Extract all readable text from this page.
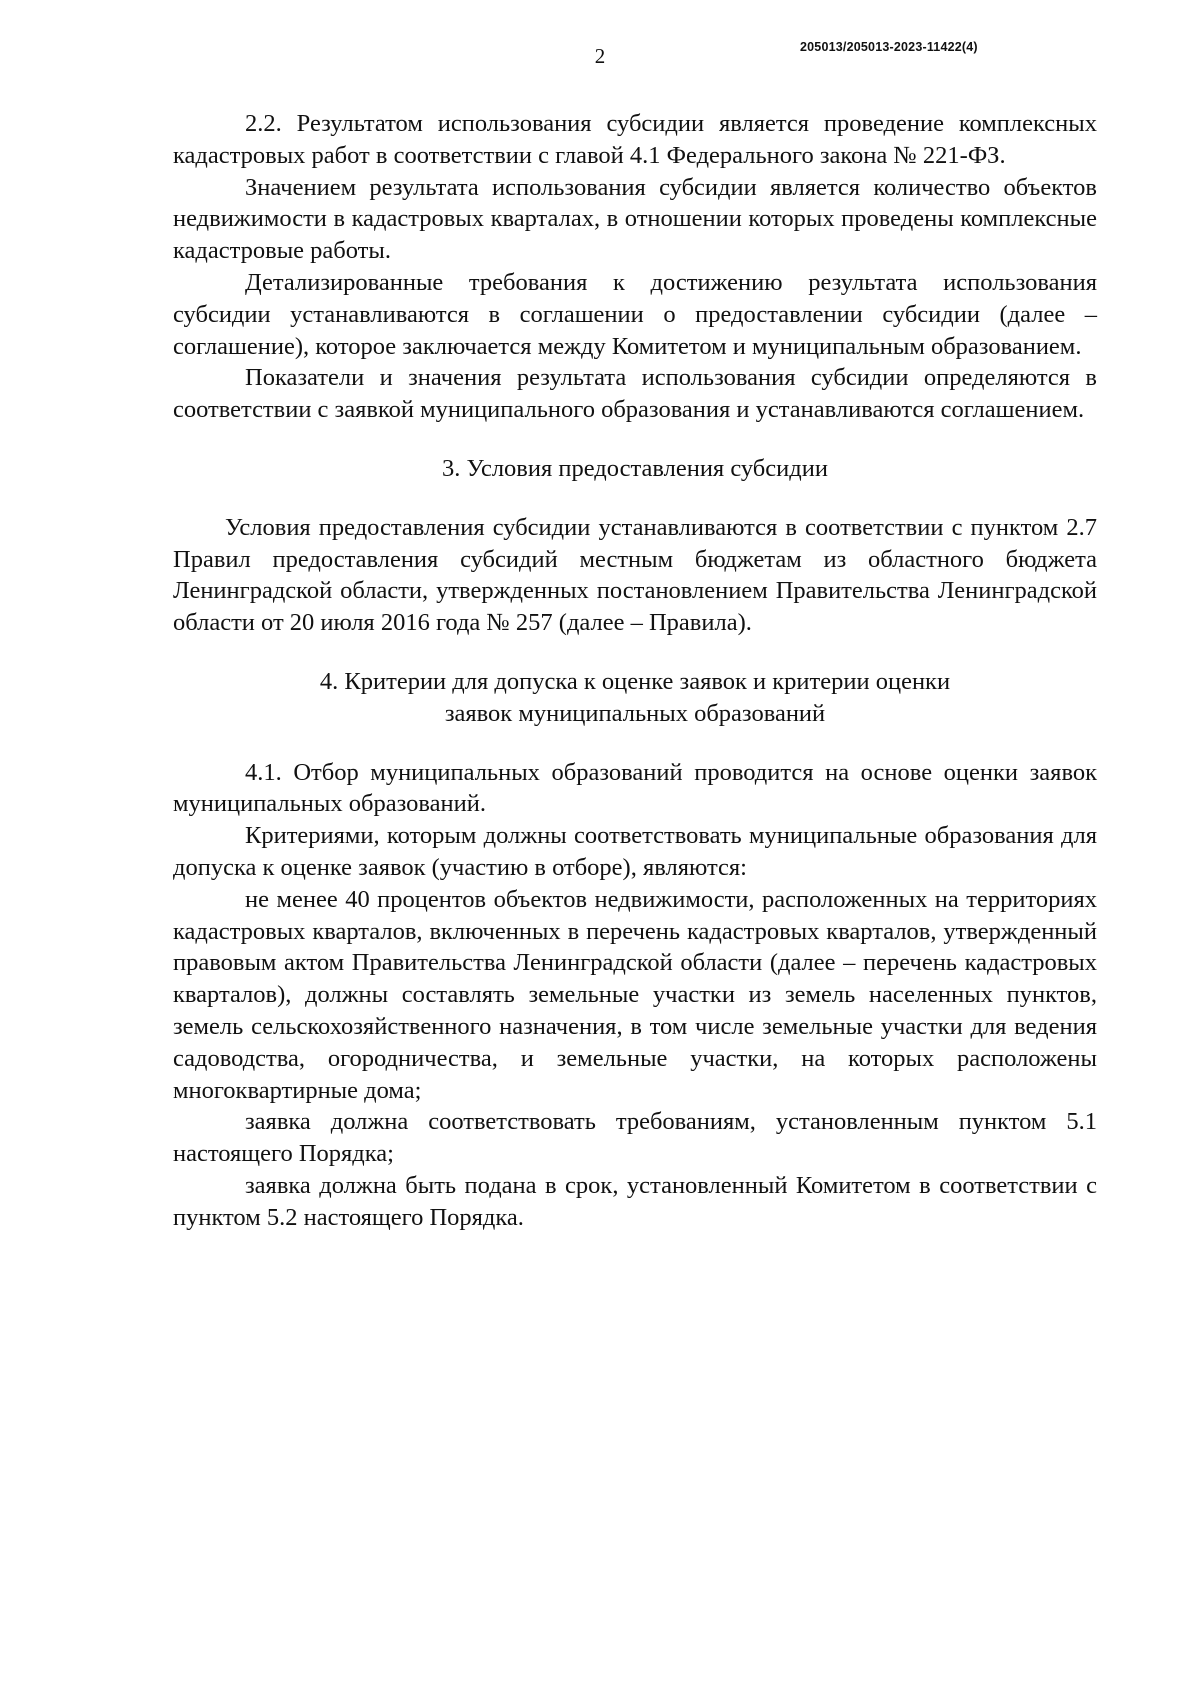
2	205013/205013-2023-11422(4)

2.2. Результатом использования субсидии является проведение комплексных кадастровых работ в соответствии с главой 4.1 Федерального закона № 221-ФЗ.

Значением результата использования субсидии является количество объектов недвижимости в кадастровых кварталах, в отношении которых проведены комплексные кадастровые работы.

Детализированные требования к достижению результата использования субсидии устанавливаются в соглашении о предоставлении субсидии (далее – соглашение), которое заключается между Комитетом и муниципальным образованием.

Показатели и значения результата использования субсидии определяются в соответствии с заявкой муниципального образования и устанавливаются соглашением.

3. Условия предоставления субсидии

Условия предоставления субсидии устанавливаются в соответствии с пунктом 2.7 Правил предоставления субсидий местным бюджетам из областного бюджета Ленинградской области, утвержденных постановлением Правительства Ленинградской области от 20 июля 2016 года № 257 (далее – Правила).

4. Критерии для допуска к оценке заявок и критерии оценки
заявок муниципальных образований

4.1. Отбор муниципальных образований проводится на основе оценки заявок муниципальных образований.

Критериями, которым должны соответствовать муниципальные образования для допуска к оценке заявок (участию в отборе), являются:

не менее 40 процентов объектов недвижимости, расположенных на территориях кадастровых кварталов, включенных в перечень кадастровых кварталов, утвержденный правовым актом Правительства Ленинградской области (далее – перечень кадастровых кварталов), должны составлять земельные участки из земель населенных пунктов, земель сельскохозяйственного назначения, в том числе земельные участки для ведения садоводства, огородничества, и земельные участки, на которых расположены многоквартирные дома;

заявка должна соответствовать требованиям, установленным пунктом 5.1 настоящего Порядка;

заявка должна быть подана в срок, установленный Комитетом в соответствии с пунктом 5.2 настоящего Порядка.
